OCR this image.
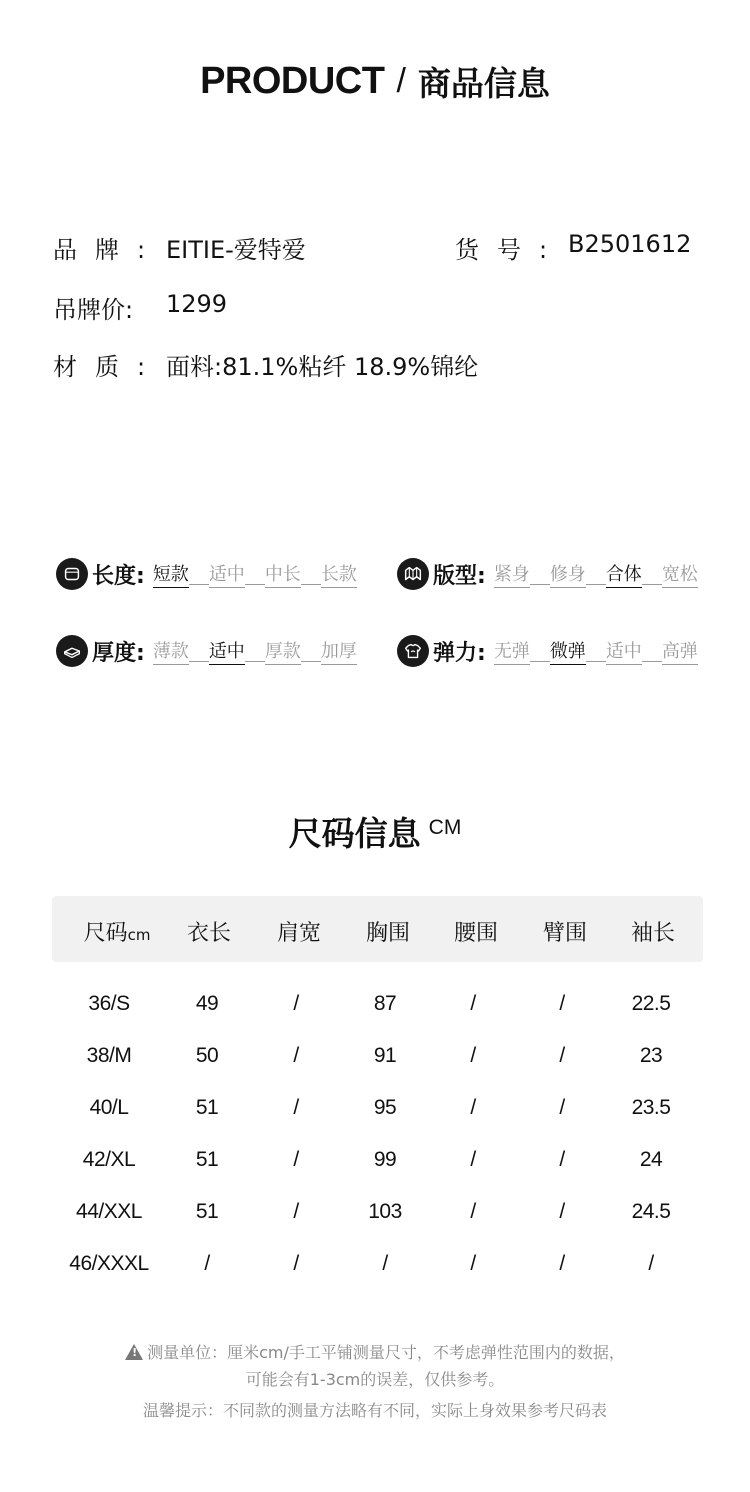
PRODUCT / 商品信息
品牌: EITIE-爱特爱	货号: B2501612
吊牌价: 1299
材质: 面料:81.1%粘纤 18.9%锦纶
长度: 短款 适中 中长 长款	版型: 紧身 修身 合体 宽松
厚度: 薄款 适中 厚款 加厚	弹力: 无弹 微弹 适中 高弹
尺码信息 CM
尺码cm	衣长	肩宽	胸围	腰围	臂围	袖长
36/S	49	/	87	/	/	22.5
38/M	50	/	91	/	/	23
40/L	51	/	95	/	/	23.5
42/XL	51	/	99	/	/	24
44/XXL	51	/	103	/	/	24.5
46/XXXL	/	/	/	/	/	/
!测量单位：厘米cm/手工平铺测量尺寸，不考虑弹性范围内的数据，
可能会有1-3cm的误差，仅供参考。
温馨提示：不同款的测量方法略有不同，实际上身效果参考尺码表
